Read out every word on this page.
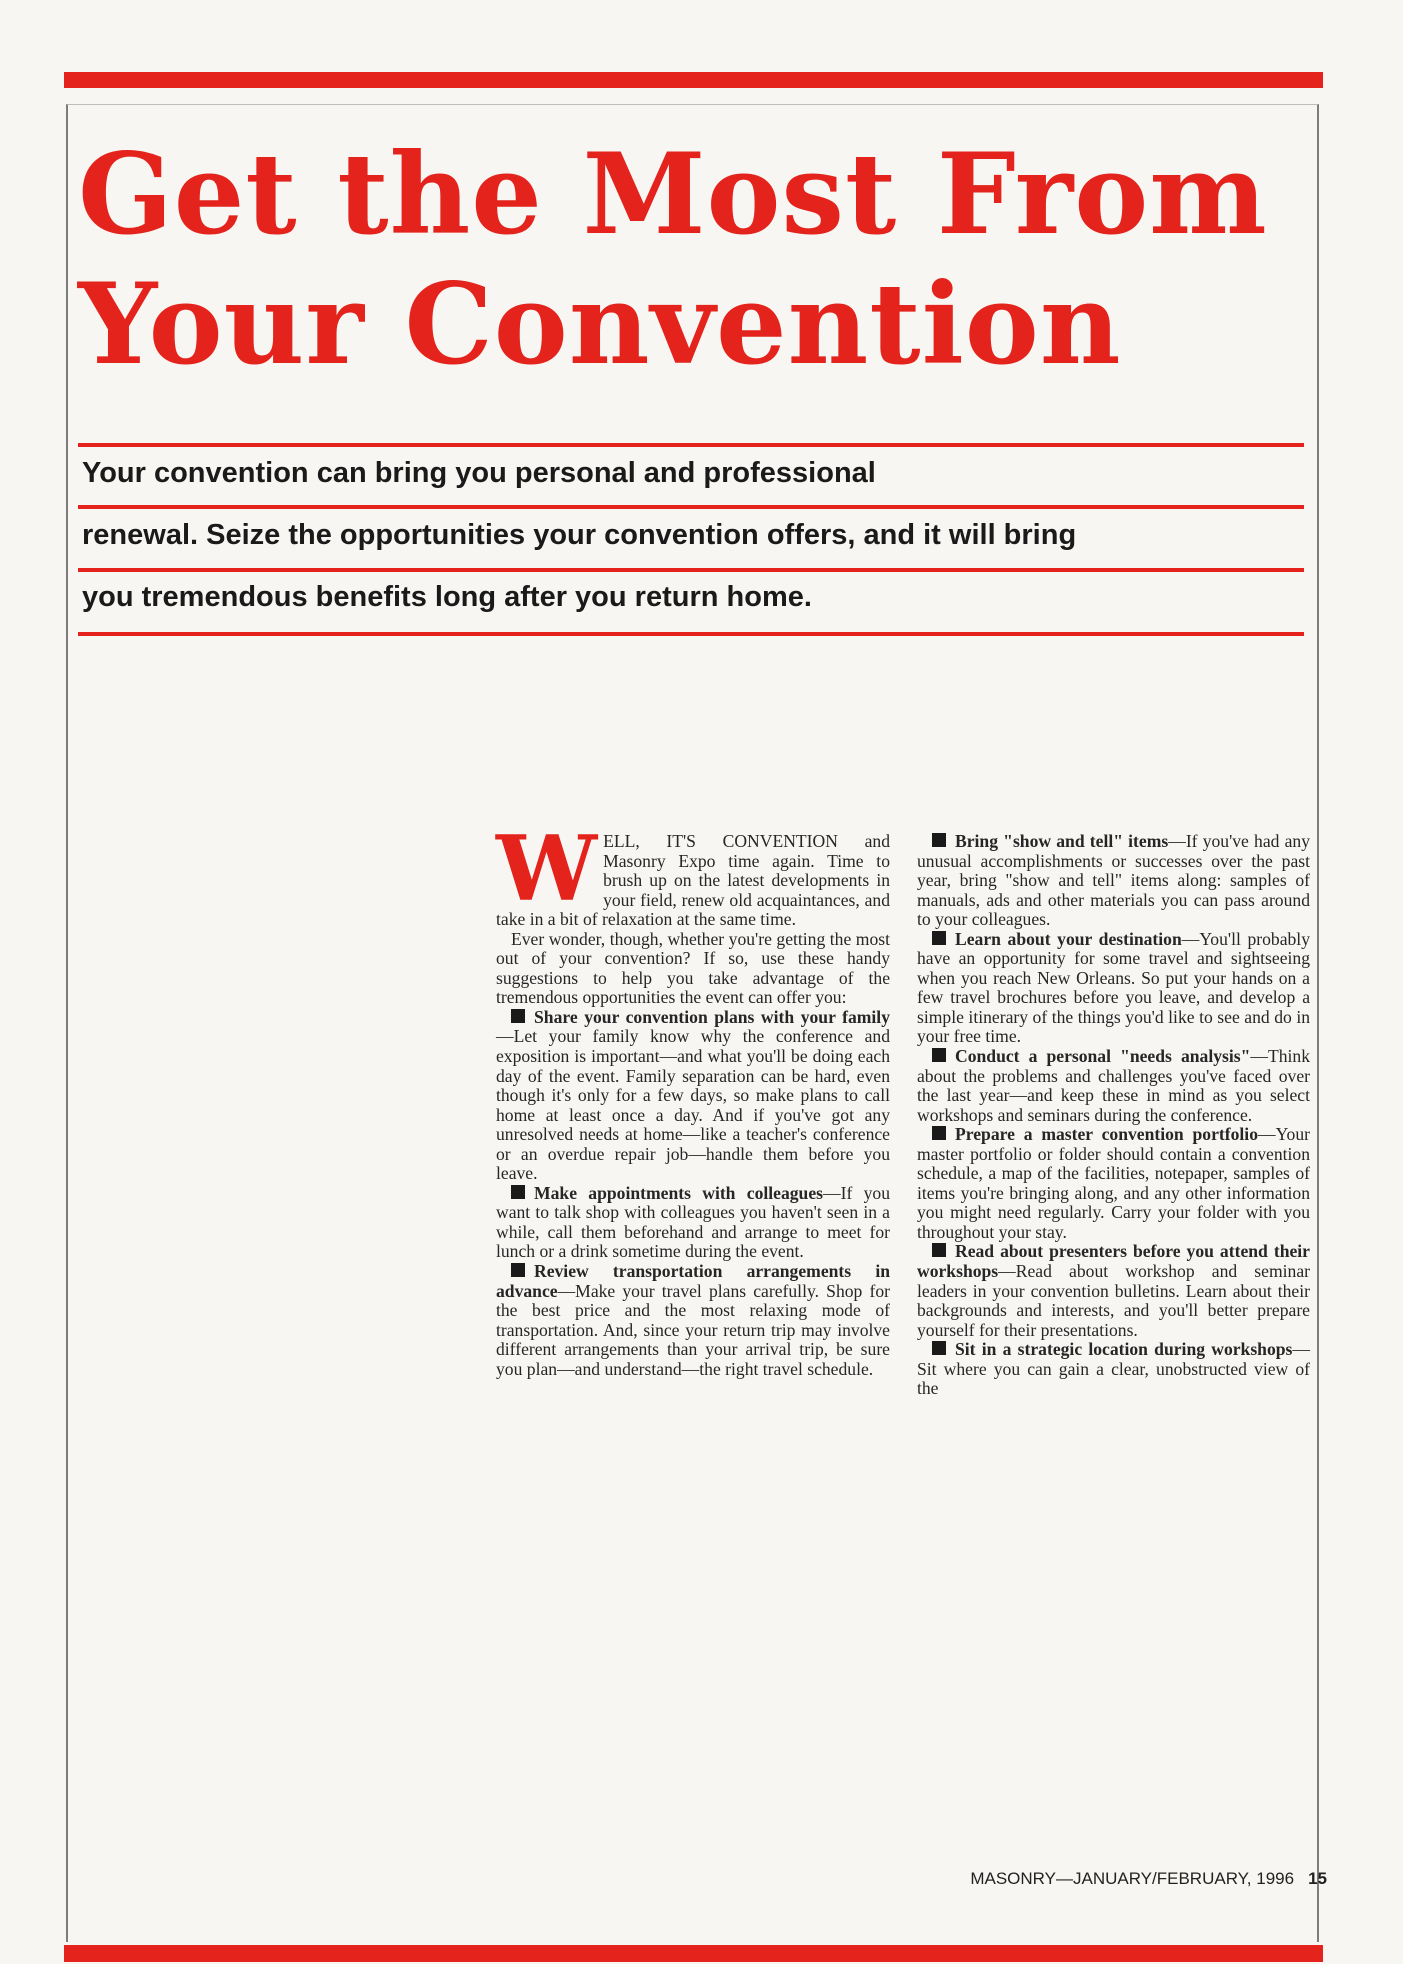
Get the Most From
Your Convention
Your convention can bring you personal and professional
renewal. Seize the opportunities your convention offers, and it will bring
you tremendous benefits long after you return home.

WELL, IT'S CONVENTION and Masonry Expo time again. Time to brush up on the latest developments in your field, renew old acquaintances, and take in a bit of relaxation at the same time.

Ever wonder, though, whether you're getting the most out of your convention? If so, use these handy suggestions to help you take advantage of the tremendous opportunities the event can offer you:

Share your convention plans with your family—Let your family know why the conference and exposition is important—and what you'll be doing each day of the event. Family separation can be hard, even though it's only for a few days, so make plans to call home at least once a day. And if you've got any unresolved needs at home—like a teacher's conference or an overdue repair job—handle them before you leave.

Make appointments with colleagues—If you want to talk shop with colleagues you haven't seen in a while, call them beforehand and arrange to meet for lunch or a drink sometime during the event.

Review transportation arrangements in advance—Make your travel plans carefully. Shop for the best price and the most relaxing mode of transportation. And, since your return trip may involve different arrangements than your arrival trip, be sure you plan—and understand—the right travel schedule.

Bring "show and tell" items—If you've had any unusual accomplishments or successes over the past year, bring "show and tell" items along: samples of manuals, ads and other materials you can pass around to your colleagues.

Learn about your destination—You'll probably have an opportunity for some travel and sightseeing when you reach New Orleans. So put your hands on a few travel brochures before you leave, and develop a simple itinerary of the things you'd like to see and do in your free time.

Conduct a personal "needs analysis"—Think about the problems and challenges you've faced over the last year—and keep these in mind as you select workshops and seminars during the conference.

Prepare a master convention portfolio—Your master portfolio or folder should contain a convention schedule, a map of the facilities, notepaper, samples of items you're bringing along, and any other information you might need regularly. Carry your folder with you throughout your stay.

Read about presenters before you attend their workshops—Read about workshop and seminar leaders in your convention bulletins. Learn about their backgrounds and interests, and you'll better prepare yourself for their presentations.

Sit in a strategic location during workshops—Sit where you can gain a clear, unobstructed view of the

MASONRY—JANUARY/FEBRUARY, 1996 15
